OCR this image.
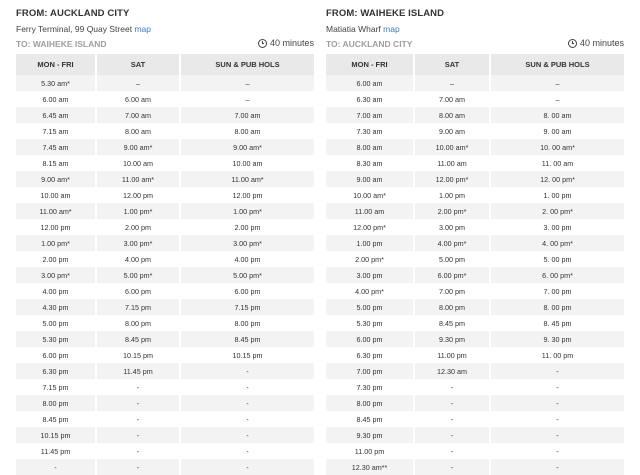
FROM: AUCKLAND CITY
Ferry Terminal, 99 Quay Street map
TO: WAIHEKE ISLAND	40 minutes
MON - FRI	SAT	SUN & PUB HOLS
5.30 am*	–	–
6.00 am	6.00 am	–
6.45 am	7.00 am	7.00 am
7.15 am	8.00 am	8.00 am
7.45 am	9.00 am*	9.00 am*
8.15 am	10.00 am	10.00 am
9.00 am*	11.00 am*	11.00 am*
10.00 am	12.00 pm	12.00 pm
11.00 am*	1.00 pm*	1.00 pm*
12.00 pm	2.00 pm	2.00 pm
1.00 pm*	3.00 pm*	3.00 pm*
2.00 pm	4.00 pm	4.00 pm
3.00 pm*	5.00 pm*	5.00 pm*
4.00 pm	6.00 pm	6.00 pm
4.30 pm	7.15 pm	7.15 pm
5.00 pm	8.00 pm	8.00 pm
5.30 pm	8.45 pm	8.45 pm
6.00 pm	10.15 pm	10.15 pm
6.30 pm	11.45 pm	-
7.15 pm	-	-
8.00 pm	-	-
8.45 pm	-	-
10.15 pm	-	-
11.45 pm	-	-
-	-	-
FROM: WAIHEKE ISLAND
Matiatia Wharf map
TO: AUCKLAND CITY	40 minutes
MON - FRI	SAT	SUN & PUB HOLS
6.00 am	–	–
6.30 am	7.00 am	–
7.00 am	8.00 am	8. 00 am
7.30 am	9.00 am	9. 00 am
8.00 am	10.00 am*	10. 00 am*
8.30 am	11.00 am	11. 00 am
9.00 am	12.00 pm*	12. 00 pm*
10.00 am*	1.00 pm	1. 00 pm
11.00 am	2.00 pm*	2. 00 pm*
12.00 pm*	3.00 pm	3. 00 pm
1.00 pm	4.00 pm*	4. 00 pm*
2.00 pm*	5.00 pm	5. 00 pm
3.00 pm	6.00 pm*	6. 00 pm*
4.00 pm*	7.00 pm	7. 00 pm
5.00 pm	8.00 pm	8. 00 pm
5.30 pm	8.45 pm	8. 45 pm
6.00 pm	9.30 pm	9. 30 pm
6.30 pm	11.00 pm	11. 00 pm
7.00 pm	12.30 am	-
7.30 pm	-	-
8.00 pm	-	-
8.45 pm	-	-
9.30 pm	-	-
11.00 pm	-	-
12.30 am**	-	-
